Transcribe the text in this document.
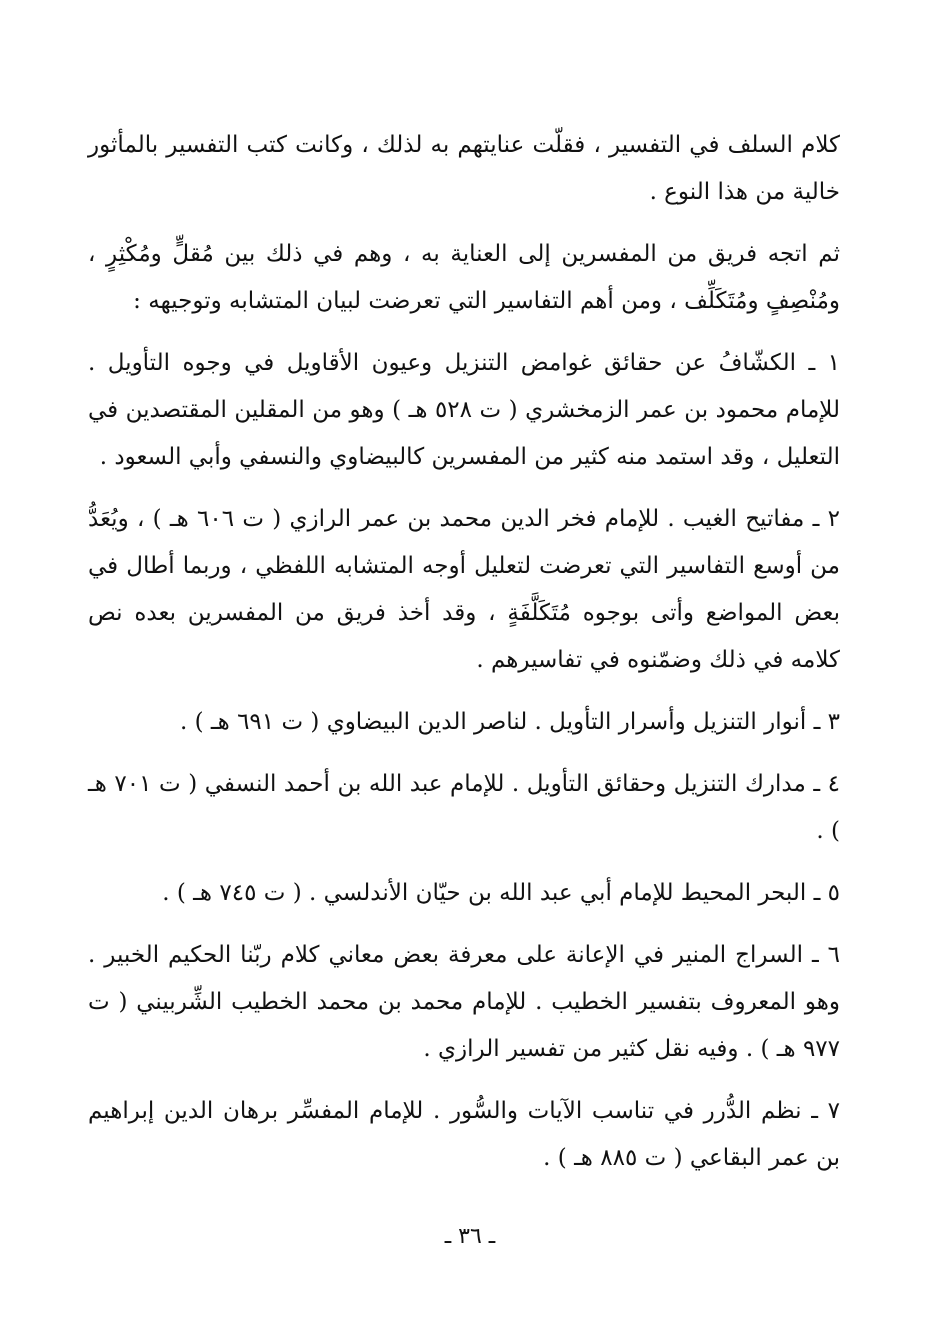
كلام السلف في التفسير ، فقلّت عنايتهم به لذلك ، وكانت كتب التفسير بالمأثور خالية من هذا النوع .

ثم اتجه فريق من المفسرين إلى العناية به ، وهم في ذلك بين مُقلٍّ ومُكْثِرٍ ، ومُنْصِفٍ ومُتَكَلِّف ، ومن أهم التفاسير التي تعرضت لبيان المتشابه وتوجيهه :

١ ـ الكشّافُ عن حقائق غوامض التنزيل وعيون الأقاويل في وجوه التأويل . للإمام محمود بن عمر الزمخشري ( ت ٥٢٨ هـ ) وهو من المقلين المقتصدين في التعليل ، وقد استمد منه كثير من المفسرين كالبيضاوي والنسفي وأبي السعود .

٢ ـ مفاتيح الغيب . للإمام فخر الدين محمد بن عمر الرازي ( ت ٦٠٦ هـ ) ، ويُعَدُّ من أوسع التفاسير التي تعرضت لتعليل أوجه المتشابه اللفظي ، وربما أطال في بعض المواضع وأتى بوجوه مُتَكَلَّفَةٍ ، وقد أخذ فريق من المفسرين بعده نص كلامه في ذلك وضمّنوه في تفاسيرهم .

٣ ـ أنوار التنزيل وأسرار التأويل . لناصر الدين البيضاوي ( ت ٦٩١ هـ ) .

٤ ـ مدارك التنزيل وحقائق التأويل . للإمام عبد الله بن أحمد النسفي ( ت ٧٠١ هـ ) .

٥ ـ البحر المحيط للإمام أبي عبد الله بن حيّان الأندلسي . ( ت ٧٤٥ هـ ) .

٦ ـ السراج المنير في الإعانة على معرفة بعض معاني كلام ربّنا الحكيم الخبير . وهو المعروف بتفسير الخطيب . للإمام محمد بن محمد الخطيب الشِّربيني ( ت ٩٧٧ هـ ) . وفيه نقل كثير من تفسير الرازي .

٧ ـ نظم الدُّرر في تناسب الآيات والسُّور . للإمام المفسِّر برهان الدين إبراهيم بن عمر البقاعي ( ت ٨٨٥ هـ ) .

ـ ٣٦ ـ
